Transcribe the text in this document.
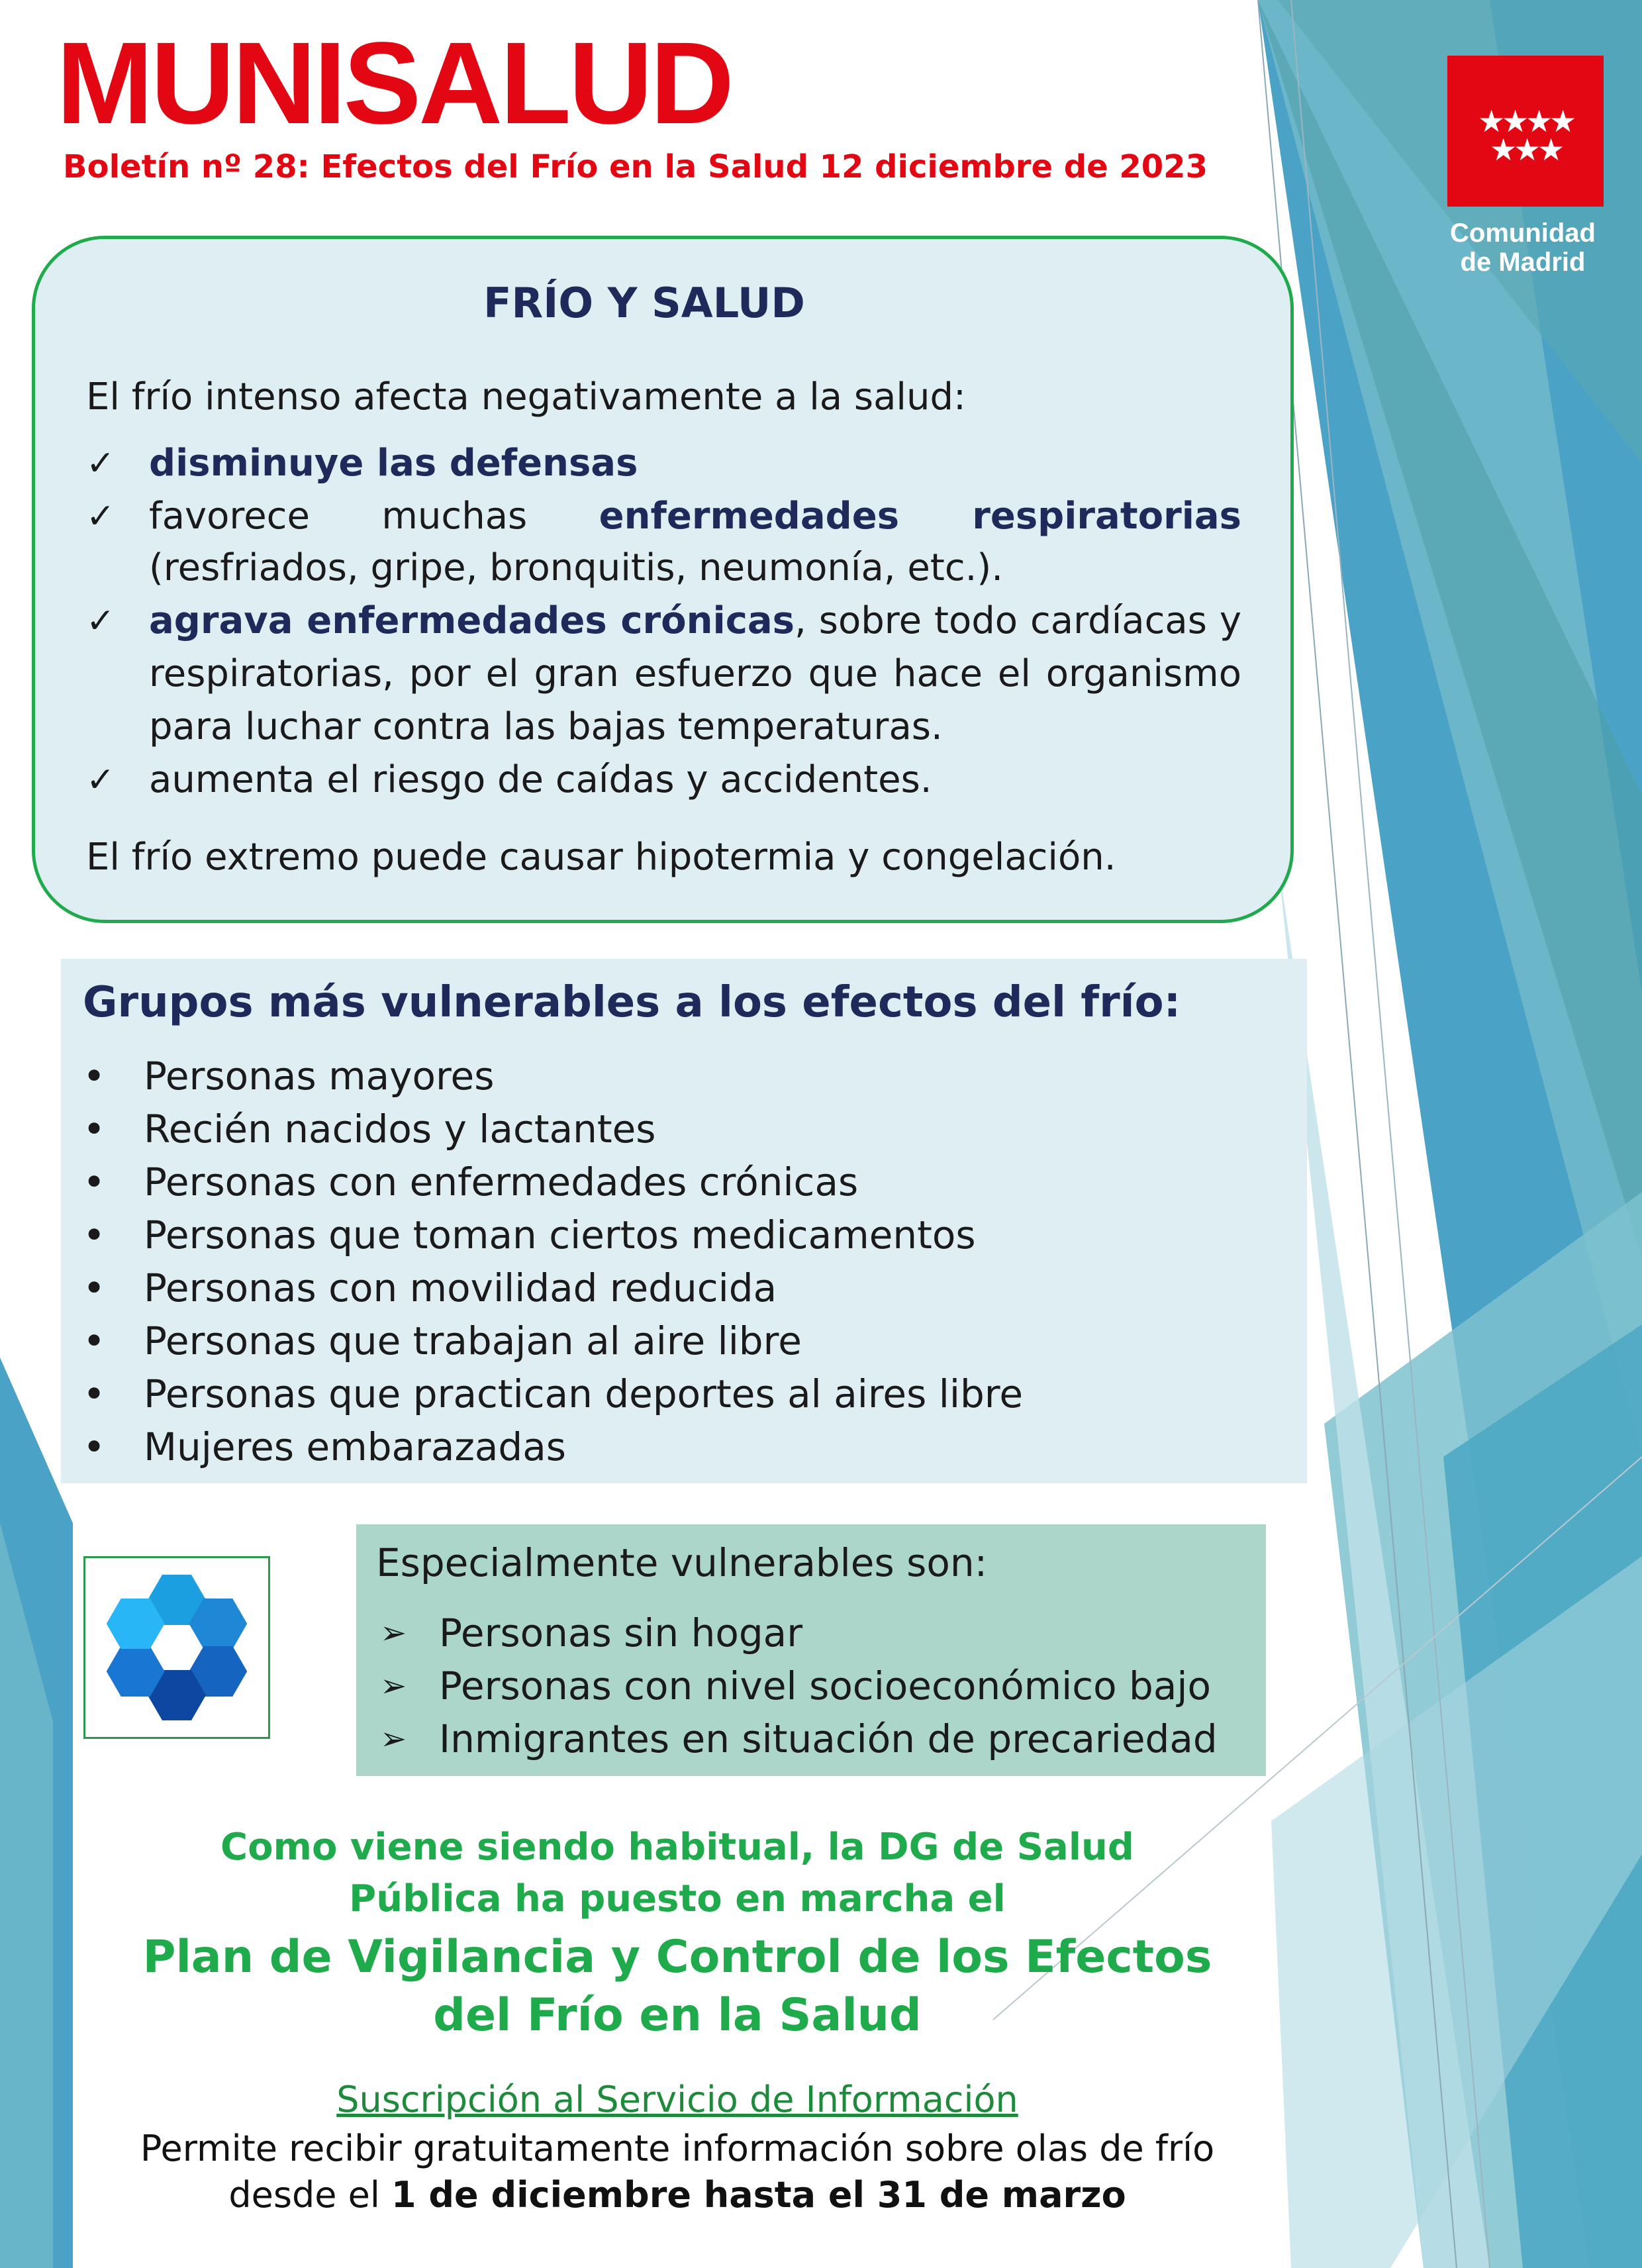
MUNISALUD
Boletín nº 28: Efectos del Frío en la Salud 12 diciembre de 2023
★
★
★
★
★
★
★
Comunidad
de Madrid
FRÍO Y SALUD
El frío intenso afecta negativamente a la salud:
✓ disminuye las defensas
✓ favorece muchas enfermedades respiratorias
(resfriados, gripe, bronquitis, neumonía, etc.).
✓ agrava enfermedades crónicas, sobre todo cardíacas y respiratorias, por el gran esfuerzo que hace el organismo para luchar contra las bajas temperaturas.
✓ aumenta el riesgo de caídas y accidentes.
El frío extremo puede causar hipotermia y congelación.
Grupos más vulnerables a los efectos del frío:
• Personas mayores
• Recién nacidos y lactantes
• Personas con enfermedades crónicas
• Personas que toman ciertos medicamentos
• Personas con movilidad reducida
• Personas que trabajan al aire libre
• Personas que practican deportes al aires libre
• Mujeres embarazadas
Especialmente vulnerables son:
➢ Personas sin hogar
➢ Personas con nivel socioeconómico bajo
➢ Inmigrantes en situación de precariedad
Como viene siendo habitual, la DG de Salud
Pública ha puesto en marcha el
Plan de Vigilancia y Control de los Efectos
del Frío en la Salud
Suscripción al Servicio de Información
Permite recibir gratuitamente información sobre olas de frío
desde el 1 de diciembre hasta el 31 de marzo
